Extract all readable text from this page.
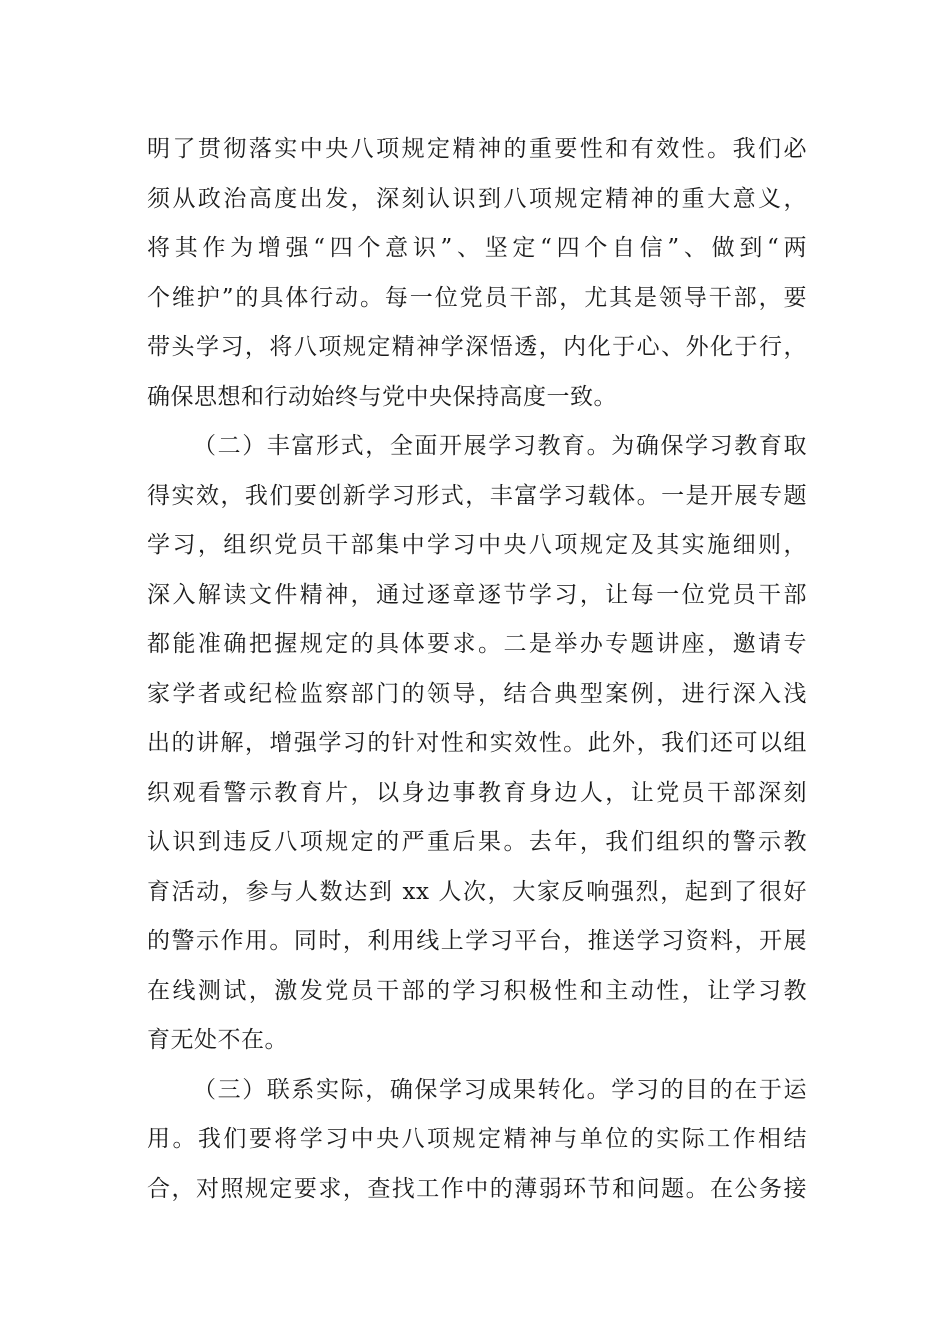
明了贯彻落实中央八项规定精神的重要性和有效性。我们必
须从政治高度出发，深刻认识到八项规定精神的重大意义，
将其作为增强“四个意识”、坚定“四个自信”、做到“两
个维护”的具体行动。每一位党员干部，尤其是领导干部，要
带头学习，将八项规定精神学深悟透，内化于心、外化于行，
确保思想和行动始终与党中央保持高度一致。
（二）丰富形式，全面开展学习教育。为确保学习教育取
得实效，我们要创新学习形式，丰富学习载体。一是开展专题
学习，组织党员干部集中学习中央八项规定及其实施细则，
深入解读文件精神，通过逐章逐节学习，让每一位党员干部
都能准确把握规定的具体要求。二是举办专题讲座，邀请专
家学者或纪检监察部门的领导，结合典型案例，进行深入浅
出的讲解，增强学习的针对性和实效性。此外，我们还可以组
织观看警示教育片，以身边事教育身边人，让党员干部深刻
认识到违反八项规定的严重后果。去年，我们组织的警示教
育活动，参与人数达到 xx 人次，大家反响强烈，起到了很好
的警示作用。同时，利用线上学习平台，推送学习资料，开展
在线测试，激发党员干部的学习积极性和主动性，让学习教
育无处不在。
（三）联系实际，确保学习成果转化。学习的目的在于运
用。我们要将学习中央八项规定精神与单位的实际工作相结
合，对照规定要求，查找工作中的薄弱环节和问题。在公务接
